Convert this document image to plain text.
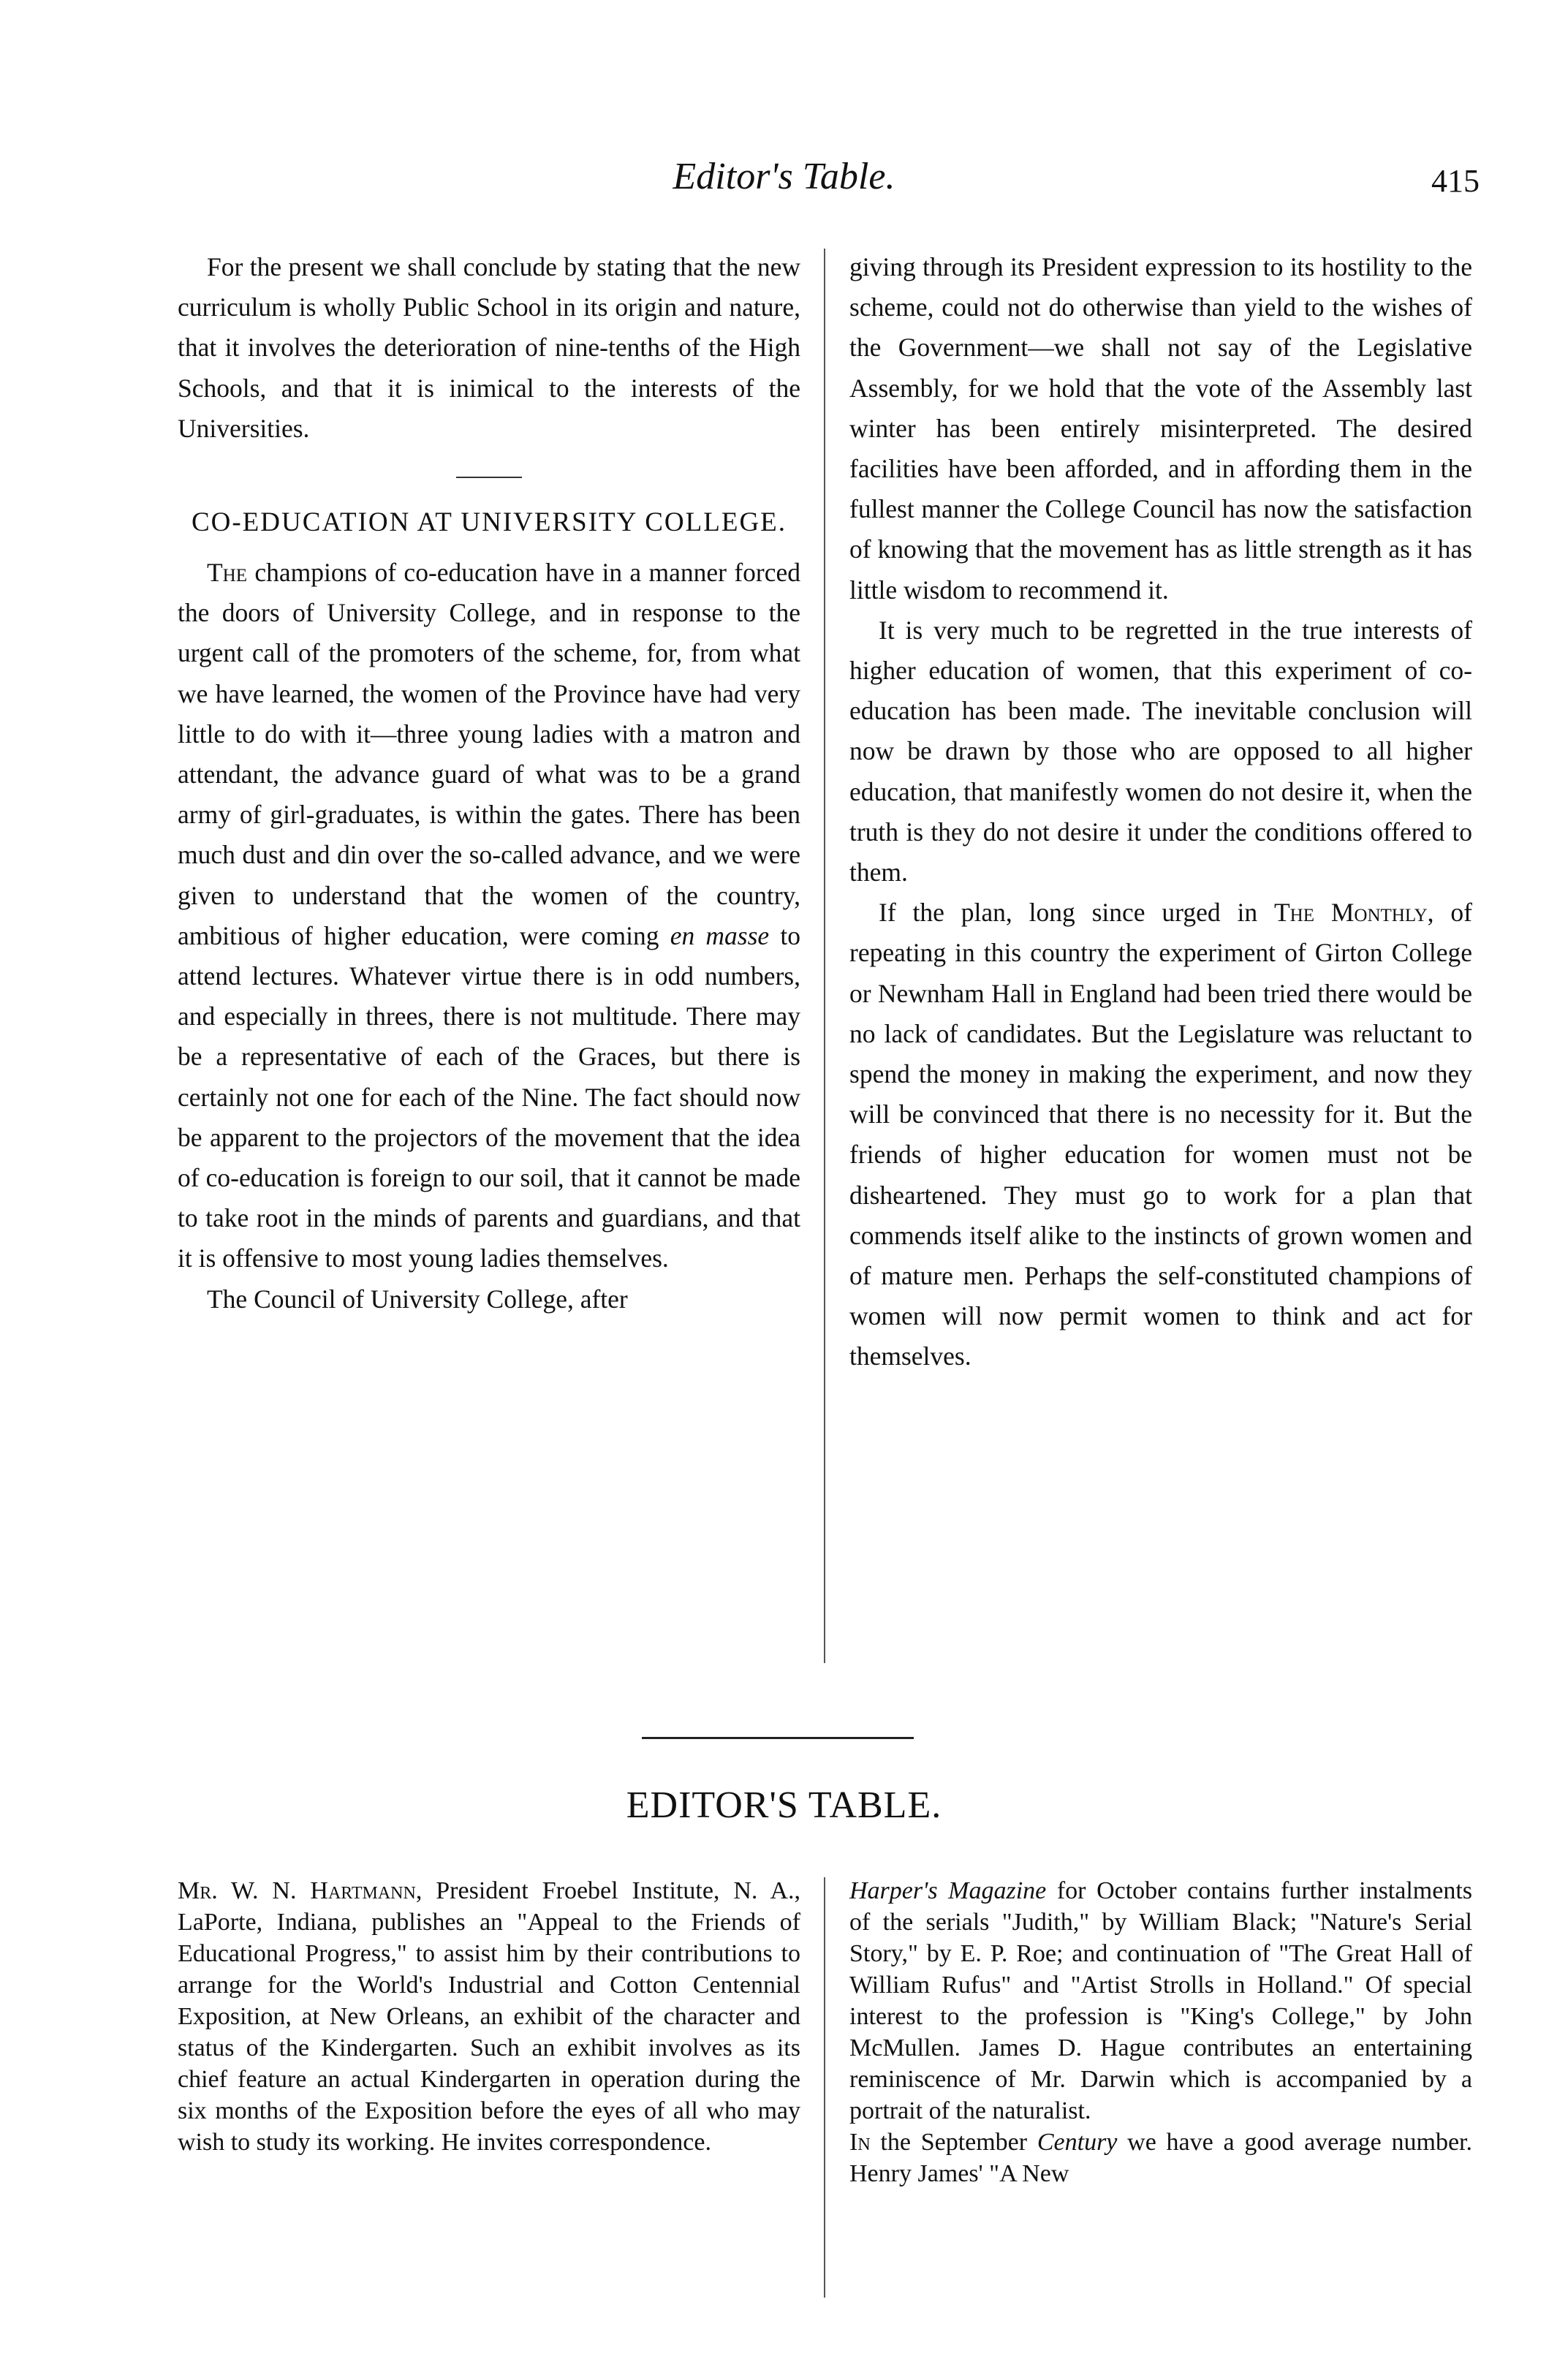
Editor's Table.	415

For the present we shall conclude by stating that the new curriculum is wholly Public School in its origin and nature, that it involves the deterioration of nine-tenths of the High Schools, and that it is inimical to the interests of the Universities.

CO-EDUCATION AT UNIVERSITY COLLEGE.

The champions of co-education have in a manner forced the doors of University College, and in response to the urgent call of the promoters of the scheme, for, from what we have learned, the women of the Province have had very little to do with it—three young ladies with a matron and attendant, the advance guard of what was to be a grand army of girl-graduates, is within the gates. There has been much dust and din over the so-called advance, and we were given to understand that the women of the country, ambitious of higher education, were coming en masse to attend lectures. Whatever virtue there is in odd numbers, and especially in threes, there is not multitude. There may be a representative of each of the Graces, but there is certainly not one for each of the Nine. The fact should now be apparent to the projectors of the movement that the idea of co-education is foreign to our soil, that it cannot be made to take root in the minds of parents and guardians, and that it is offensive to most young ladies themselves.

The Council of University College, after

giving through its President expression to its hostility to the scheme, could not do otherwise than yield to the wishes of the Government—we shall not say of the Legislative Assembly, for we hold that the vote of the Assembly last winter has been entirely misinterpreted. The desired facilities have been afforded, and in affording them in the fullest manner the College Council has now the satisfaction of knowing that the movement has as little strength as it has little wisdom to recommend it.

It is very much to be regretted in the true interests of higher education of women, that this experiment of co-education has been made. The inevitable conclusion will now be drawn by those who are opposed to all higher education, that manifestly women do not desire it, when the truth is they do not desire it under the conditions offered to them.

If the plan, long since urged in The Monthly, of repeating in this country the experiment of Girton College or Newnham Hall in England had been tried there would be no lack of candidates. But the Legislature was reluctant to spend the money in making the experiment, and now they will be convinced that there is no necessity for it. But the friends of higher education for women must not be disheartened. They must go to work for a plan that commends itself alike to the instincts of grown women and of mature men. Perhaps the self-constituted champions of women will now permit women to think and act for themselves.

EDITOR'S TABLE.

Mr. W. N. Hartmann, President Froebel Institute, N. A., LaPorte, Indiana, publishes an "Appeal to the Friends of Educational Progress," to assist him by their contributions to arrange for the World's Industrial and Cotton Centennial Exposition, at New Orleans, an exhibit of the character and status of the Kindergarten. Such an exhibit involves as its chief feature an actual Kindergarten in operation during the six months of the Exposition before the eyes of all who may wish to study its working. He invites correspondence.

Harper's Magazine for October contains further instalments of the serials "Judith," by William Black; "Nature's Serial Story," by E. P. Roe; and continuation of "The Great Hall of William Rufus" and "Artist Strolls in Holland." Of special interest to the profession is "King's College," by John McMullen. James D. Hague contributes an entertaining reminiscence of Mr. Darwin which is accompanied by a portrait of the naturalist.

In the September Century we have a good average number. Henry James' "A New
